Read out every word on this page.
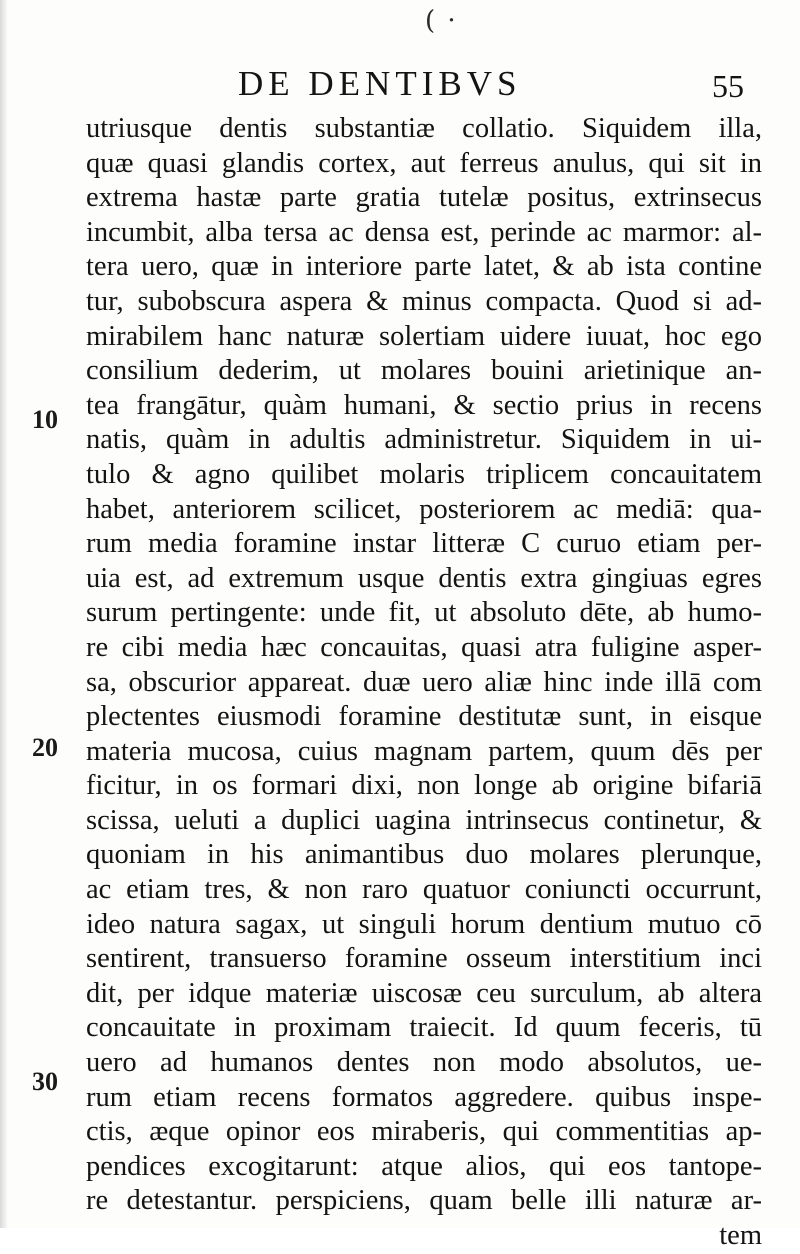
( ·
DE DENTIBVS	55
utriusque dentis substantiæ collatio. Siquidem illa,
quæ quasi glandis cortex, aut ferreus anulus, qui sit in
extrema hastæ parte gratia tutelæ positus, extrinsecus
incumbit, alba tersa ac densa est, perinde ac marmor: al-
tera uero, quæ in interiore parte latet, & ab ista contine
tur, subobscura aspera & minus compacta. Quod si ad-
mirabilem hanc naturæ solertiam uidere iuuat, hoc ego
consilium dederim, ut molares bouini arietinique an-
tea frangātur, quàm humani, & sectio prius in recens
natis, quàm in adultis administretur. Siquidem in ui-
tulo & agno quilibet molaris triplicem concauitatem
habet, anteriorem scilicet, posteriorem ac mediā: qua-
rum media foramine instar litteræ C curuo etiam per-
uia est, ad extremum usque dentis extra gingiuas egres
surum pertingente: unde fit, ut absoluto dēte, ab humo-
re cibi media hæc concauitas, quasi atra fuligine asper-
sa, obscurior appareat. duæ uero aliæ hinc inde illā com
plectentes eiusmodi foramine destitutæ sunt, in eisque
materia mucosa, cuius magnam partem, quum dēs per
ficitur, in os formari dixi, non longe ab origine bifariā
scissa, ueluti a duplici uagina intrinsecus continetur, &
quoniam in his animantibus duo molares plerunque,
ac etiam tres, & non raro quatuor coniuncti occurrunt,
ideo natura sagax, ut singuli horum dentium mutuo cō
sentirent, transuerso foramine osseum interstitium inci
dit, per idque materiæ uiscosæ ceu surculum, ab altera
concauitate in proximam traiecit. Id quum feceris, tū
uero ad humanos dentes non modo absolutos, ue-
rum etiam recens formatos aggredere. quibus inspe-
ctis, æque opinor eos miraberis, qui commentitias ap-
pendices excogitarunt: atque alios, qui eos tantope-
re detestantur. perspiciens, quam belle illi naturæ ar-
tem
10
20
30
